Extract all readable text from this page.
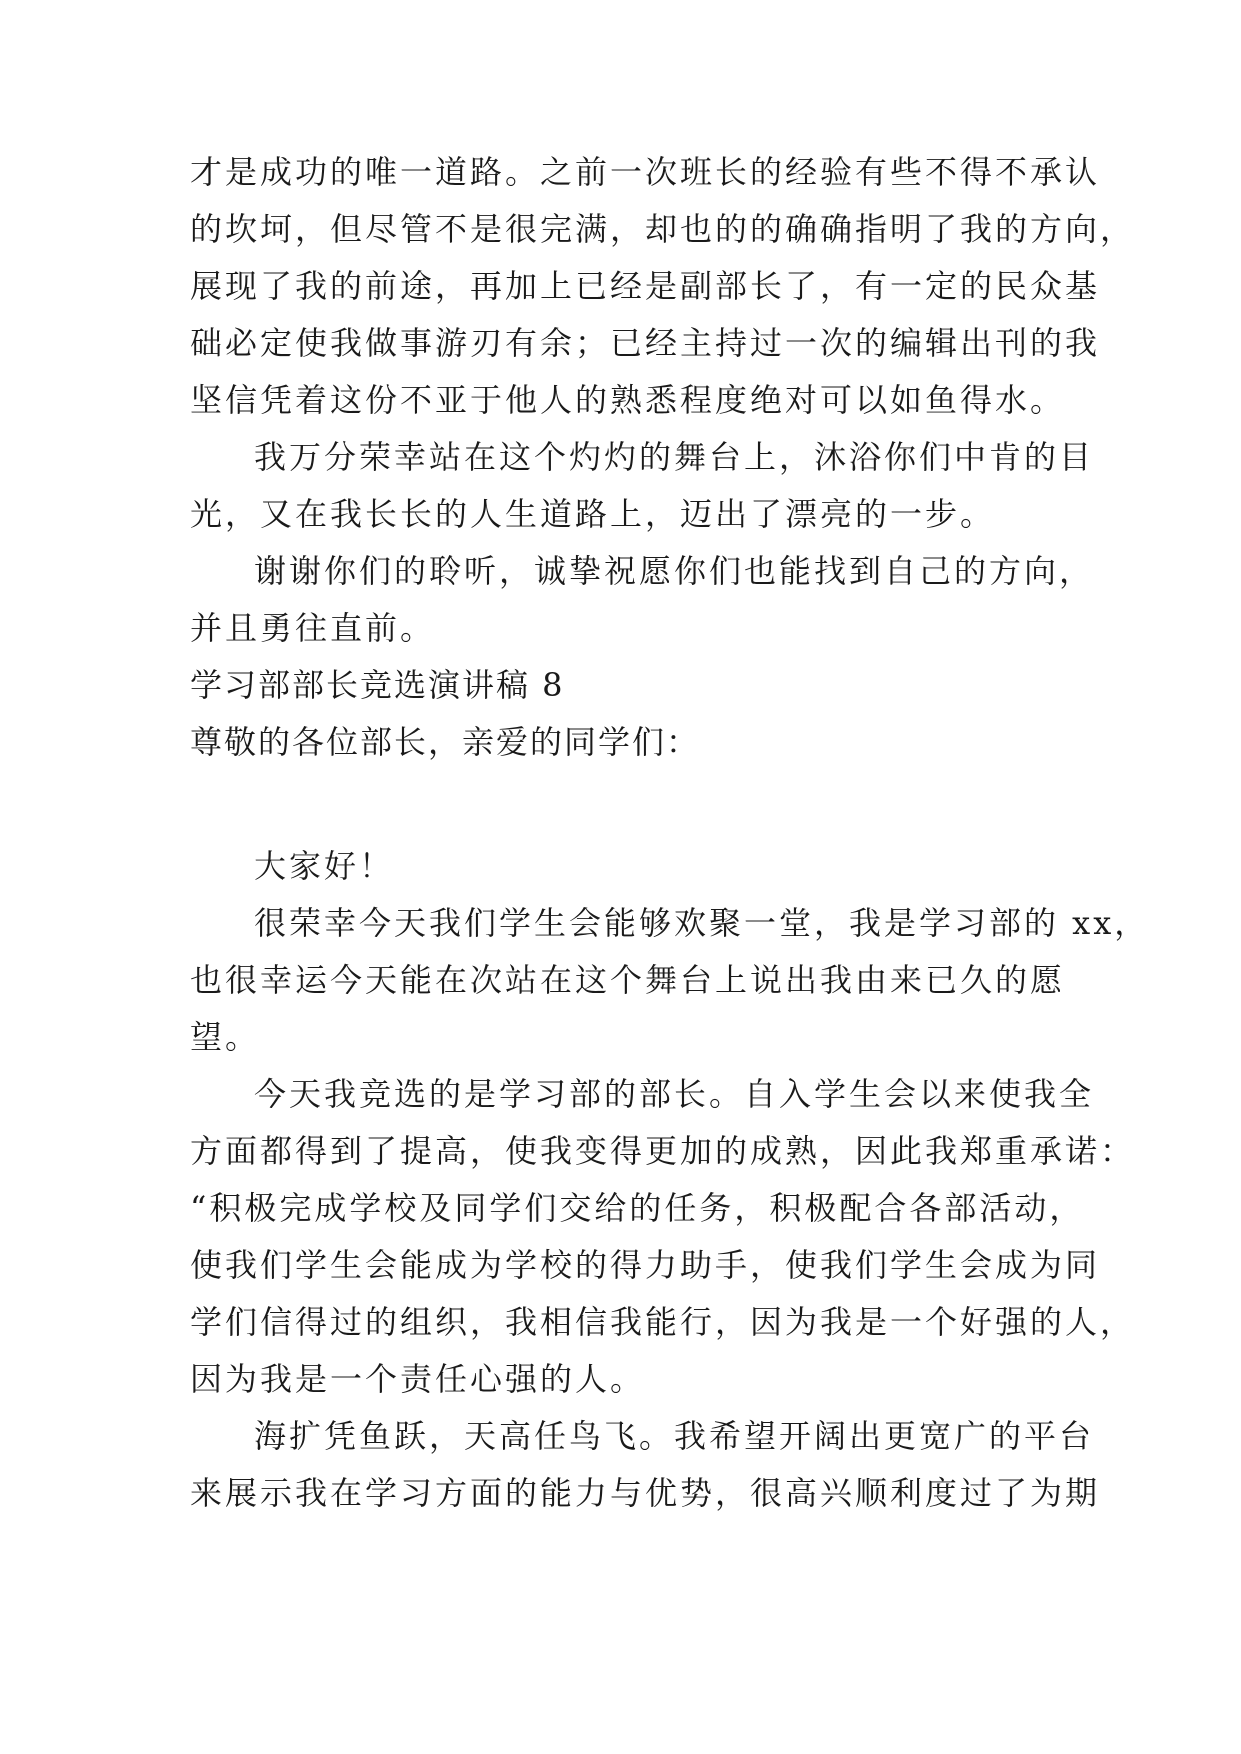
才是成功的唯一道路。之前一次班长的经验有些不得不承认
的坎坷，但尽管不是很完满，却也的的确确指明了我的方向，
展现了我的前途，再加上已经是副部长了，有一定的民众基
础必定使我做事游刃有余；已经主持过一次的编辑出刊的我
坚信凭着这份不亚于他人的熟悉程度绝对可以如鱼得水。
我万分荣幸站在这个灼灼的舞台上，沐浴你们中肯的目
光，又在我长长的人生道路上，迈出了漂亮的一步。
谢谢你们的聆听，诚挚祝愿你们也能找到自己的方向，
并且勇往直前。
学习部部长竞选演讲稿 8
尊敬的各位部长，亲爱的同学们：
大家好！
很荣幸今天我们学生会能够欢聚一堂，我是学习部的 xx，
也很幸运今天能在次站在这个舞台上说出我由来已久的愿
望。
今天我竞选的是学习部的部长。自入学生会以来使我全
方面都得到了提高，使我变得更加的成熟，因此我郑重承诺：
“积极完成学校及同学们交给的任务，积极配合各部活动，
使我们学生会能成为学校的得力助手，使我们学生会成为同
学们信得过的组织，我相信我能行，因为我是一个好强的人，
因为我是一个责任心强的人。
海扩凭鱼跃，天高任鸟飞。我希望开阔出更宽广的平台
来展示我在学习方面的能力与优势，很高兴顺利度过了为期
